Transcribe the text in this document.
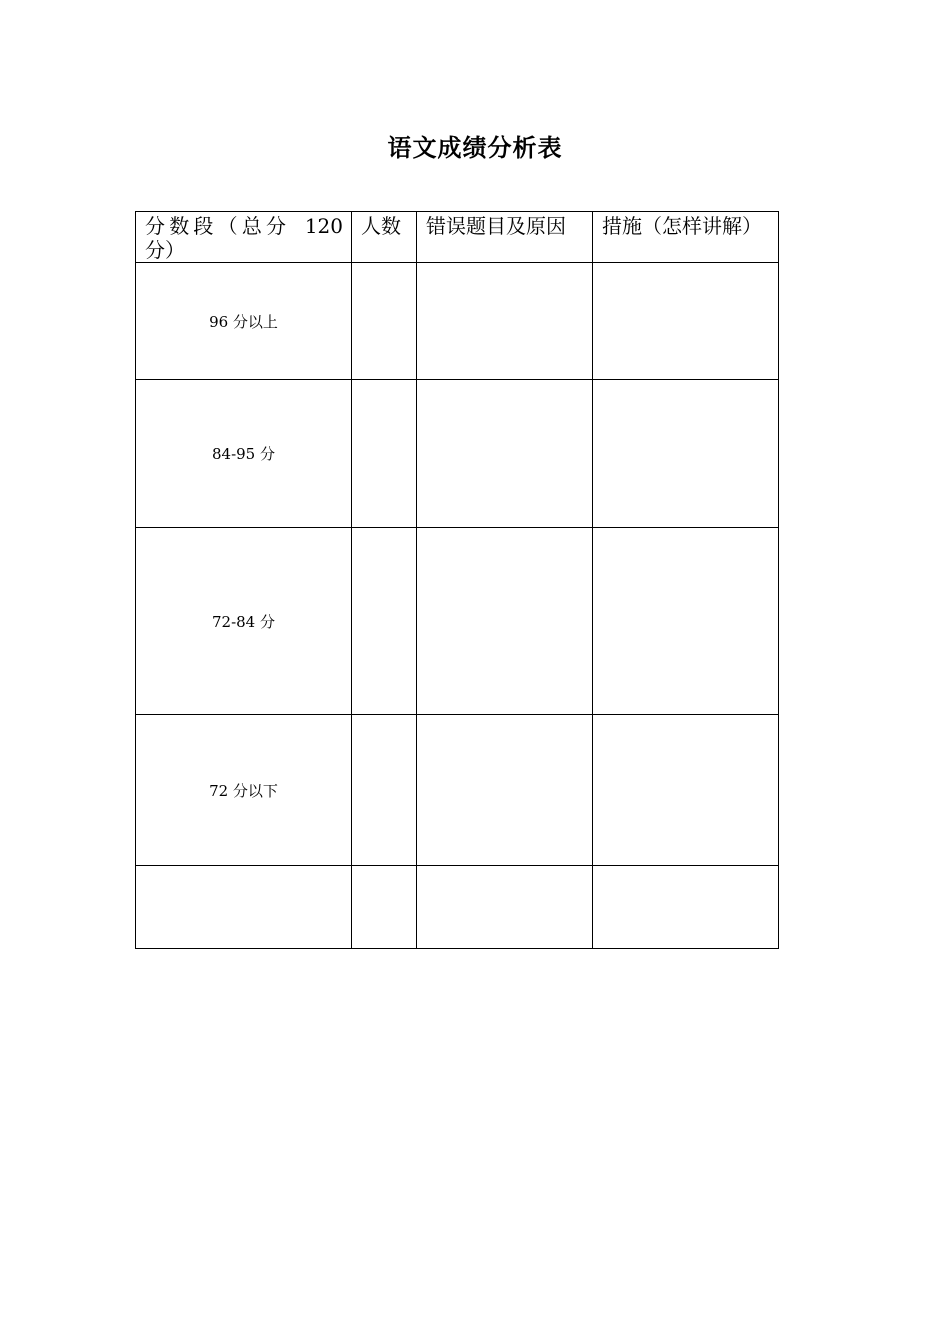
语文成绩分析表
分数段（总分 120 分）	人数	错误题目及原因	措施（怎样讲解）
96 分以上			
84-95 分			
72-84 分			
72 分以下			
